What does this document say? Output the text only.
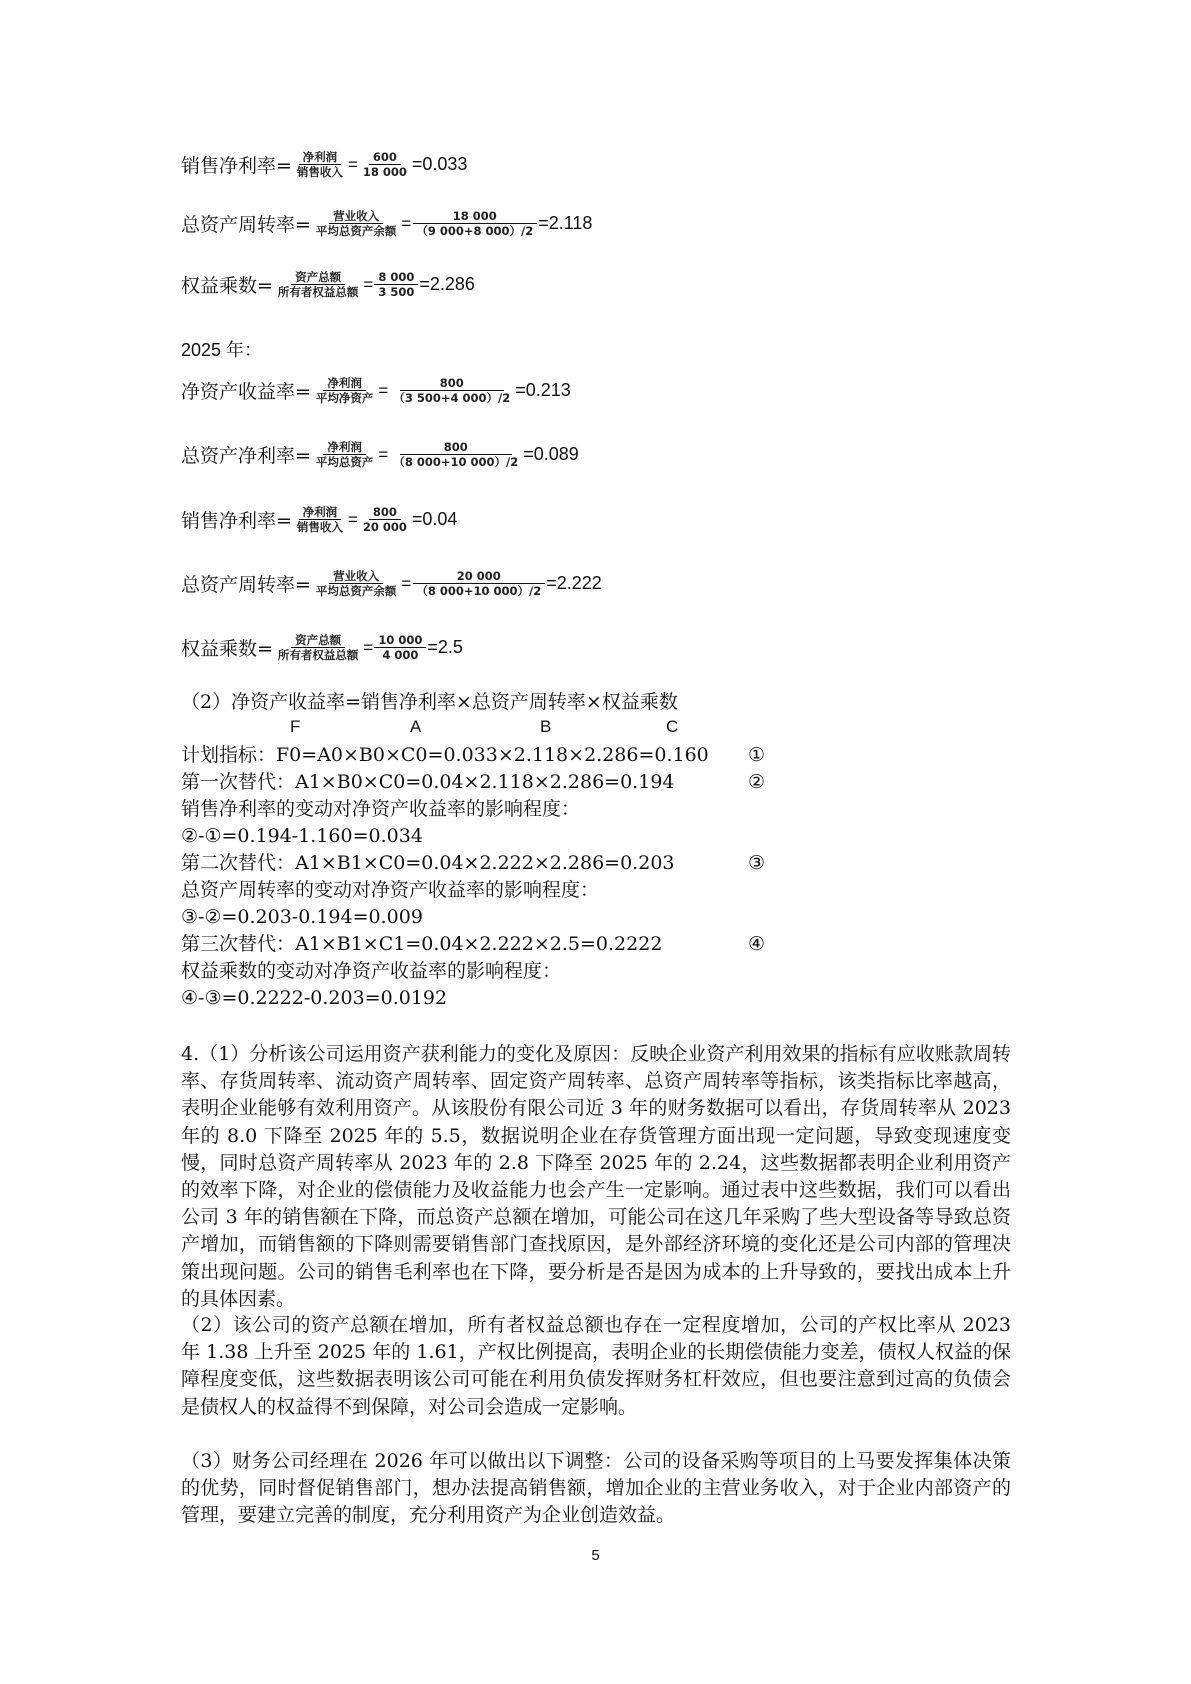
销售净利率= $\frac{\text{净利润}}{\text{销售收入}} = \frac{600}{18 000} =0.033$
总资产周转率= $\frac{\text{营业收入}}{\text{平均总资产余额}} = \frac{18 000}{(9 000+8 000)/2} =2.118$
权益乘数= $\frac{\text{资产总额}}{\text{所有者权益总额}} = \frac{8 000}{3 500} =2.286$
2025 年：
净资产收益率= $\frac{\text{净利润}}{\text{平均净资产}} = \frac{800}{(3 500+4 000)/2} =0.213$
总资产净利率= $\frac{\text{净利润}}{\text{平均总资产}} = \frac{800}{(8 000+10 000)/2} =0.089$
销售净利率= $\frac{\text{净利润}}{\text{销售收入}} = \frac{800}{20 000} =0.04$
总资产周转率= $\frac{\text{营业收入}}{\text{平均总资产余额}} = \frac{20 000}{(8 000+10 000)/2} =2.222$
权益乘数= $\frac{\text{资产总额}}{\text{所有者权益总额}} = \frac{10 000}{4 000} =2.5$
（2）净资产收益率=销售净利率×总资产周转率×权益乘数
F	A	B	C
计划指标：F0=A0×B0×C0=0.033×2.118×2.286=0.160 ①
第一次替代：A1×B0×C0=0.04×2.118×2.286=0.194	②
销售净利率的变动对净资产收益率的影响程度：
②-①=0.194-1.160=0.034
第二次替代：A1×B1×C0=0.04×2.222×2.286=0.203	③
总资产周转率的变动对净资产收益率的影响程度：
③-②=0.203-0.194=0.009
第三次替代：A1×B1×C1=0.04×2.222×2.5=0.2222	④
权益乘数的变动对净资产收益率的影响程度：
④-③=0.2222-0.203=0.0192
4.（1）分析该公司运用资产获利能力的变化及原因：反映企业资产利用效果的指标有应收账款周转率、存货周转率、流动资产周转率、固定资产周转率、总资产周转率等指标，该类指标比率越高，表明企业能够有效利用资产。从该股份有限公司近 3 年的财务数据可以看出，存货周转率从 2023 年的 8.0 下降至 2025 年的 5.5，数据说明企业在存货管理方面出现一定问题，导致变现速度变慢，同时总资产周转率从 2023 年的 2.8 下降至 2025 年的 2.24，这些数据都表明企业利用资产的效率下降，对企业的偿债能力及收益能力也会产生一定影响。通过表中这些数据，我们可以看出公司 3 年的销售额在下降，而总资产总额在增加，可能公司在这几年采购了些大型设备等导致总资产增加，而销售额的下降则需要销售部门查找原因，是外部经济环境的变化还是公司内部的管理决策出现问题。公司的销售毛利率也在下降，要分析是否是因为成本的上升导致的，要找出成本上升的具体因素。
（2）该公司的资产总额在增加，所有者权益总额也存在一定程度增加，公司的产权比率从 2023 年 1.38 上升至 2025 年的 1.61，产权比例提高，表明企业的长期偿债能力变差，债权人权益的保障程度变低，这些数据表明该公司可能在利用负债发挥财务杠杆效应，但也要注意到过高的负债会是债权人的权益得不到保障，对公司会造成一定影响。
（3）财务公司经理在 2026 年可以做出以下调整：公司的设备采购等项目的上马要发挥集体决策的优势，同时督促销售部门，想办法提高销售额，增加企业的主营业务收入，对于企业内部资产的管理，要建立完善的制度，充分利用资产为企业创造效益。
5
